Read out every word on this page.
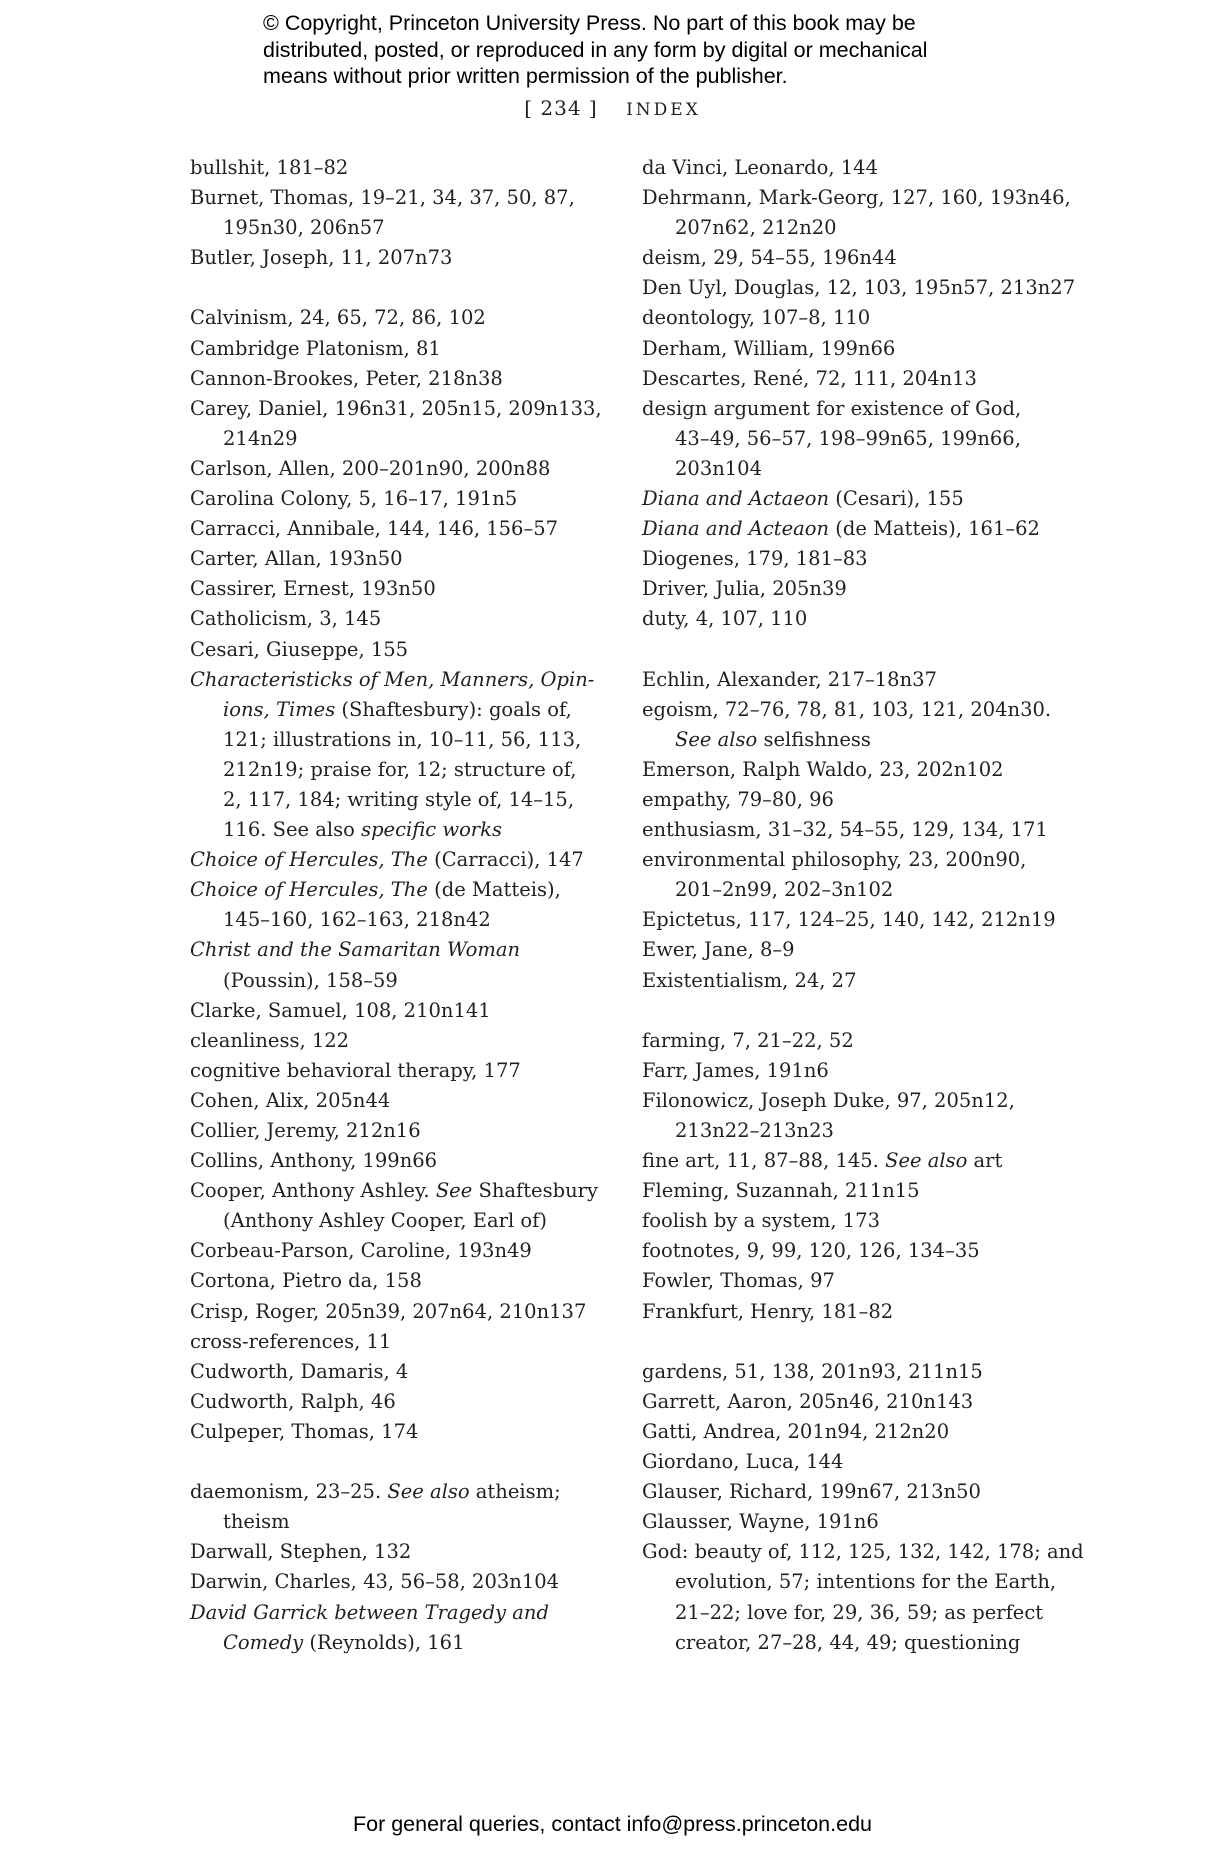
© Copyright, Princeton University Press. No part of this book may be
distributed, posted, or reproduced in any form by digital or mechanical
means without prior written permission of the publisher.
[ 234 ] INDEX
bullshit, 181–82
Burnet, Thomas, 19–21, 34, 37, 50, 87,
195n30, 206n57
Butler, Joseph, 11, 207n73
Calvinism, 24, 65, 72, 86, 102
Cambridge Platonism, 81
Cannon-Brookes, Peter, 218n38
Carey, Daniel, 196n31, 205n15, 209n133,
214n29
Carlson, Allen, 200–201n90, 200n88
Carolina Colony, 5, 16–17, 191n5
Carracci, Annibale, 144, 146, 156–57
Carter, Allan, 193n50
Cassirer, Ernest, 193n50
Catholicism, 3, 145
Cesari, Giuseppe, 155
Characteristicks of Men, Manners, Opin-
ions, Times (Shaftesbury): goals of,
121; illustrations in, 10–11, 56, 113,
212n19; praise for, 12; structure of,
2, 117, 184; writing style of, 14–15,
116. See also specific works
Choice of Hercules, The (Carracci), 147
Choice of Hercules, The (de Matteis),
145–160, 162–163, 218n42
Christ and the Samaritan Woman
(Poussin), 158–59
Clarke, Samuel, 108, 210n141
cleanliness, 122
cognitive behavioral therapy, 177
Cohen, Alix, 205n44
Collier, Jeremy, 212n16
Collins, Anthony, 199n66
Cooper, Anthony Ashley. See Shaftesbury
(Anthony Ashley Cooper, Earl of)
Corbeau-Parson, Caroline, 193n49
Cortona, Pietro da, 158
Crisp, Roger, 205n39, 207n64, 210n137
cross-references, 11
Cudworth, Damaris, 4
Cudworth, Ralph, 46
Culpeper, Thomas, 174
daemonism, 23–25. See also atheism;
theism
Darwall, Stephen, 132
Darwin, Charles, 43, 56–58, 203n104
David Garrick between Tragedy and
Comedy (Reynolds), 161
da Vinci, Leonardo, 144
Dehrmann, Mark-Georg, 127, 160, 193n46,
207n62, 212n20
deism, 29, 54–55, 196n44
Den Uyl, Douglas, 12, 103, 195n57, 213n27
deontology, 107–8, 110
Derham, William, 199n66
Descartes, René, 72, 111, 204n13
design argument for existence of God,
43–49, 56–57, 198–99n65, 199n66,
203n104
Diana and Actaeon (Cesari), 155
Diana and Acteaon (de Matteis), 161–62
Diogenes, 179, 181–83
Driver, Julia, 205n39
duty, 4, 107, 110
Echlin, Alexander, 217–18n37
egoism, 72–76, 78, 81, 103, 121, 204n30.
See also selfishness
Emerson, Ralph Waldo, 23, 202n102
empathy, 79–80, 96
enthusiasm, 31–32, 54–55, 129, 134, 171
environmental philosophy, 23, 200n90,
201–2n99, 202–3n102
Epictetus, 117, 124–25, 140, 142, 212n19
Ewer, Jane, 8–9
Existentialism, 24, 27
farming, 7, 21–22, 52
Farr, James, 191n6
Filonowicz, Joseph Duke, 97, 205n12,
213n22–213n23
fine art, 11, 87–88, 145. See also art
Fleming, Suzannah, 211n15
foolish by a system, 173
footnotes, 9, 99, 120, 126, 134–35
Fowler, Thomas, 97
Frankfurt, Henry, 181–82
gardens, 51, 138, 201n93, 211n15
Garrett, Aaron, 205n46, 210n143
Gatti, Andrea, 201n94, 212n20
Giordano, Luca, 144
Glauser, Richard, 199n67, 213n50
Glausser, Wayne, 191n6
God: beauty of, 112, 125, 132, 142, 178; and
evolution, 57; intentions for the Earth,
21–22; love for, 29, 36, 59; as perfect
creator, 27–28, 44, 49; questioning
For general queries, contact info@press.princeton.edu
